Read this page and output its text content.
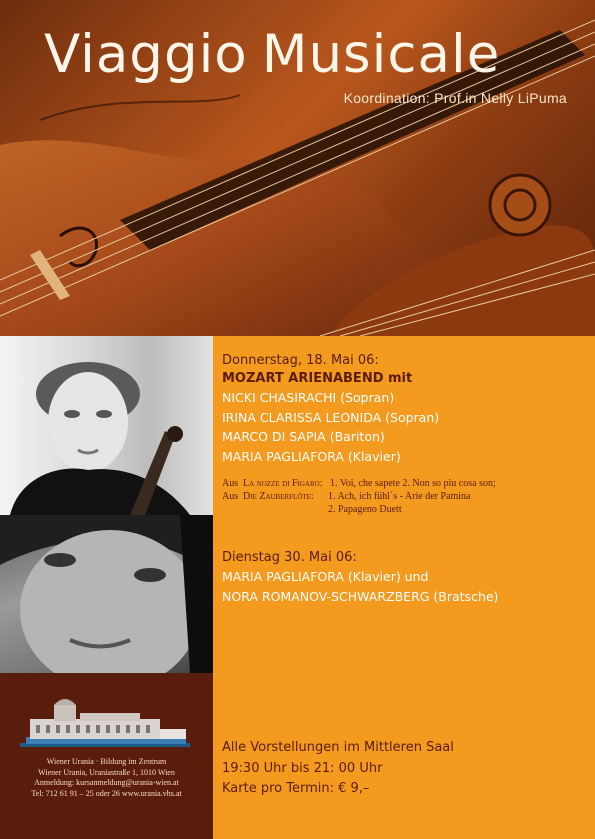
Viaggio Musicale

Koordination: Prof.in Nelly LiPuma

Wiener Urania · Bildung im Zentrum
Wiener Urania, Uraniastraße 1, 1010 Wien
Anmeldung: kursanmeldung@urania-wien.at
Tel: 712 61 91 – 25 oder 26 www.urania.vhs.at

Donnerstag, 18. Mai 06:

MOZART ARIENABEND mit

NICKI CHASIRACHI (Sopran)
IRINA CLARISSA LEONIDA (Sopran)
MARCO DI SAPIA (Bariton)
MARIA PAGLIAFORA (Klavier)
Aus La nozze di Figaro: 1. Voi, che sapete 2. Non so piu cosa son;
Aus Die Zauberflöte: 1. Ach, ich fühl´s - Arie der Pamina
2. Papageno Duett

Dienstag 30. Mai 06:

MARIA PAGLIAFORA (Klavier) und
NORA ROMANOV-SCHWARZBERG (Bratsche)
Alle Vorstellungen im Mittleren Saal
19:30 Uhr bis 21: 00 Uhr
Karte pro Termin: € 9,–
